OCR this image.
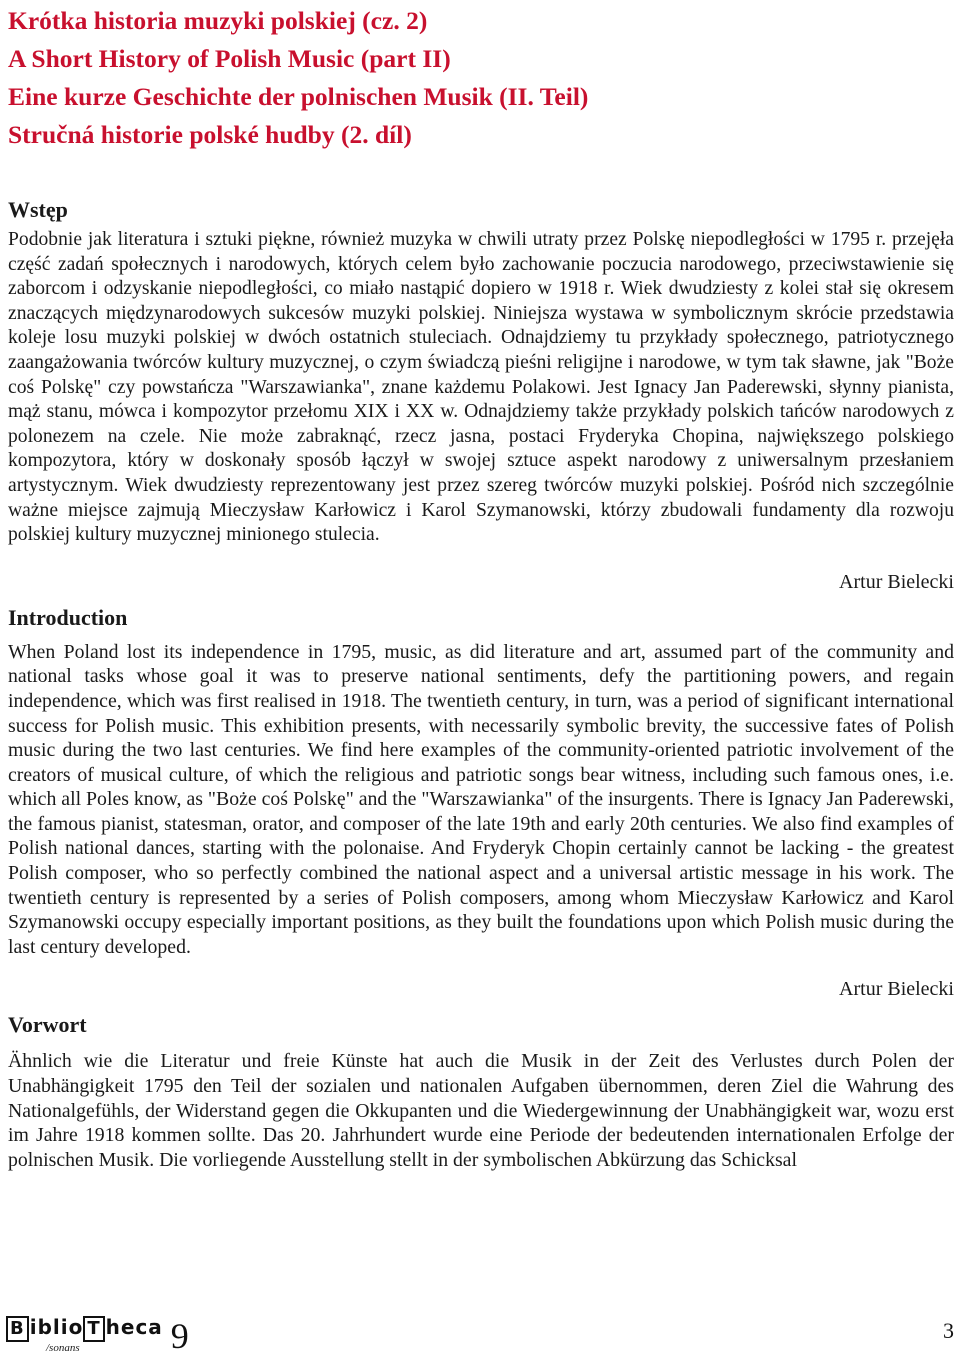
Krótka historia muzyki polskiej (cz. 2)
A Short History of Polish Music (part II)
Eine kurze Geschichte der polnischen Musik (II. Teil)
Stručná historie polské hudby (2. díl)
Wstęp

Podobnie jak literatura i sztuki piękne, również muzyka w chwili utraty przez Polskę niepodległości w 1795 r. przejęła część zadań społecznych i narodowych, których celem było zachowanie poczucia narodowego, przeciwstawienie się zaborcom i odzyskanie niepodległości, co miało nastąpić dopiero w 1918 r. Wiek dwudziesty z kolei stał się okresem znaczących międzynarodowych sukcesów muzyki polskiej. Niniejsza wystawa w symbolicznym skrócie przedstawia koleje losu muzyki polskiej w dwóch ostatnich stuleciach. Odnajdziemy tu przykłady społecznego, patriotycznego zaangażowania twórców kultury muzycznej, o czym świadczą pieśni religijne i narodowe, w tym tak sławne, jak "Boże coś Polskę" czy powstańcza "Warszawianka", znane każdemu Polakowi. Jest Ignacy Jan Paderewski, słynny pianista, mąż stanu, mówca i kompozytor przełomu XIX i XX w. Odnajdziemy także przykłady polskich tańców narodowych z polonezem na czele. Nie może zabraknąć, rzecz jasna, postaci Fryderyka Chopina, największego polskiego kompozytora, który w doskonały sposób łączył w swojej sztuce aspekt narodowy z uniwersalnym przesłaniem artystycznym. Wiek dwudziesty reprezentowany jest przez szereg twórców muzyki polskiej. Pośród nich szczególnie ważne miejsce zajmują Mieczysław Karłowicz i Karol Szymanowski, którzy zbudowali fundamenty dla rozwoju polskiej kultury muzycznej minionego stulecia.

Artur Bielecki

Introduction

When Poland lost its independence in 1795, music, as did literature and art, assumed part of the community and national tasks whose goal it was to preserve national sentiments, defy the partitioning powers, and regain independence, which was first realised in 1918. The twentieth century, in turn, was a period of significant international success for Polish music. This exhibition presents, with necessarily symbolic brevity, the successive fates of Polish music during the two last centuries. We find here examples of the community-oriented patriotic involvement of the creators of musical culture, of which the religious and patriotic songs bear witness, including such famous ones, i.e. which all Poles know, as "Boże coś Polskę" and the "Warszawianka" of the insurgents. There is Ignacy Jan Paderewski, the famous pianist, statesman, orator, and composer of the late 19th and early 20th centuries. We also find examples of Polish national dances, starting with the polonaise. And Fryderyk Chopin certainly cannot be lacking - the greatest Polish composer, who so perfectly combined the national aspect and a universal artistic message in his work. The twentieth century is represented by a series of Polish composers, among whom Mieczysław Karłowicz and Karol Szymanowski occupy especially important positions, as they built the foundations upon which Polish music during the last century developed.

Artur Bielecki

Vorwort

Ähnlich wie die Literatur und freie Künste hat auch die Musik in der Zeit des Verlustes durch Polen der Unabhängigkeit 1795 den Teil der sozialen und nationalen Aufgaben übernommen, deren Ziel die Wahrung des Nationalgefühls, der Widerstand gegen die Okkupanten und die Wiedergewinnung der Unabhängigkeit war, wozu erst im Jahre 1918 kommen sollte. Das 20. Jahrhundert wurde eine Periode der bedeutenden internationalen Erfolge der polnischen Musik. Die vorliegende Ausstellung stellt in der symbolischen Abkürzung das Schicksal

B iblio T heca
/sonans	9	3
